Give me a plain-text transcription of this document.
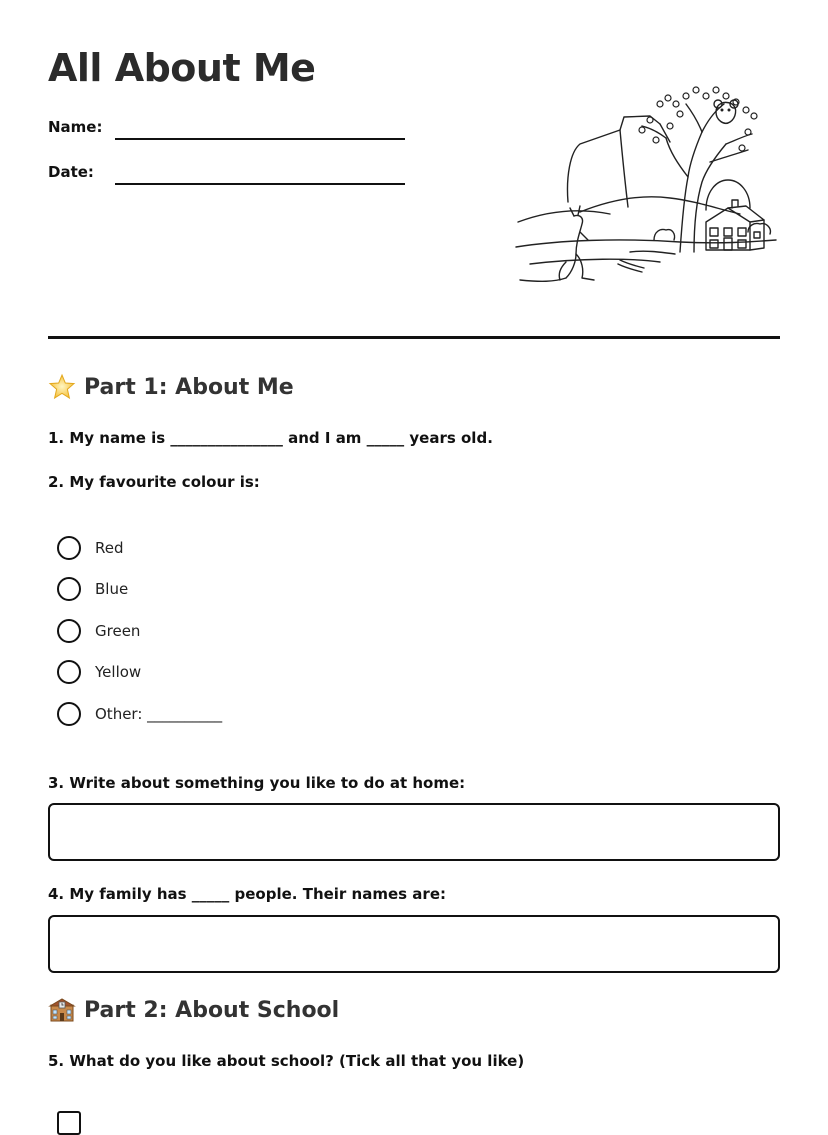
All About Me
Name:
Date:
Part 1: About Me
1. My name is _______________ and I am _____ years old.
2. My favourite colour is:
Red
Blue
Green
Yellow
Other: __________
3. Write about something you like to do at home:
4. My family has _____ people. Their names are:
Part 2: About School
5. What do you like about school? (Tick all that you like)
